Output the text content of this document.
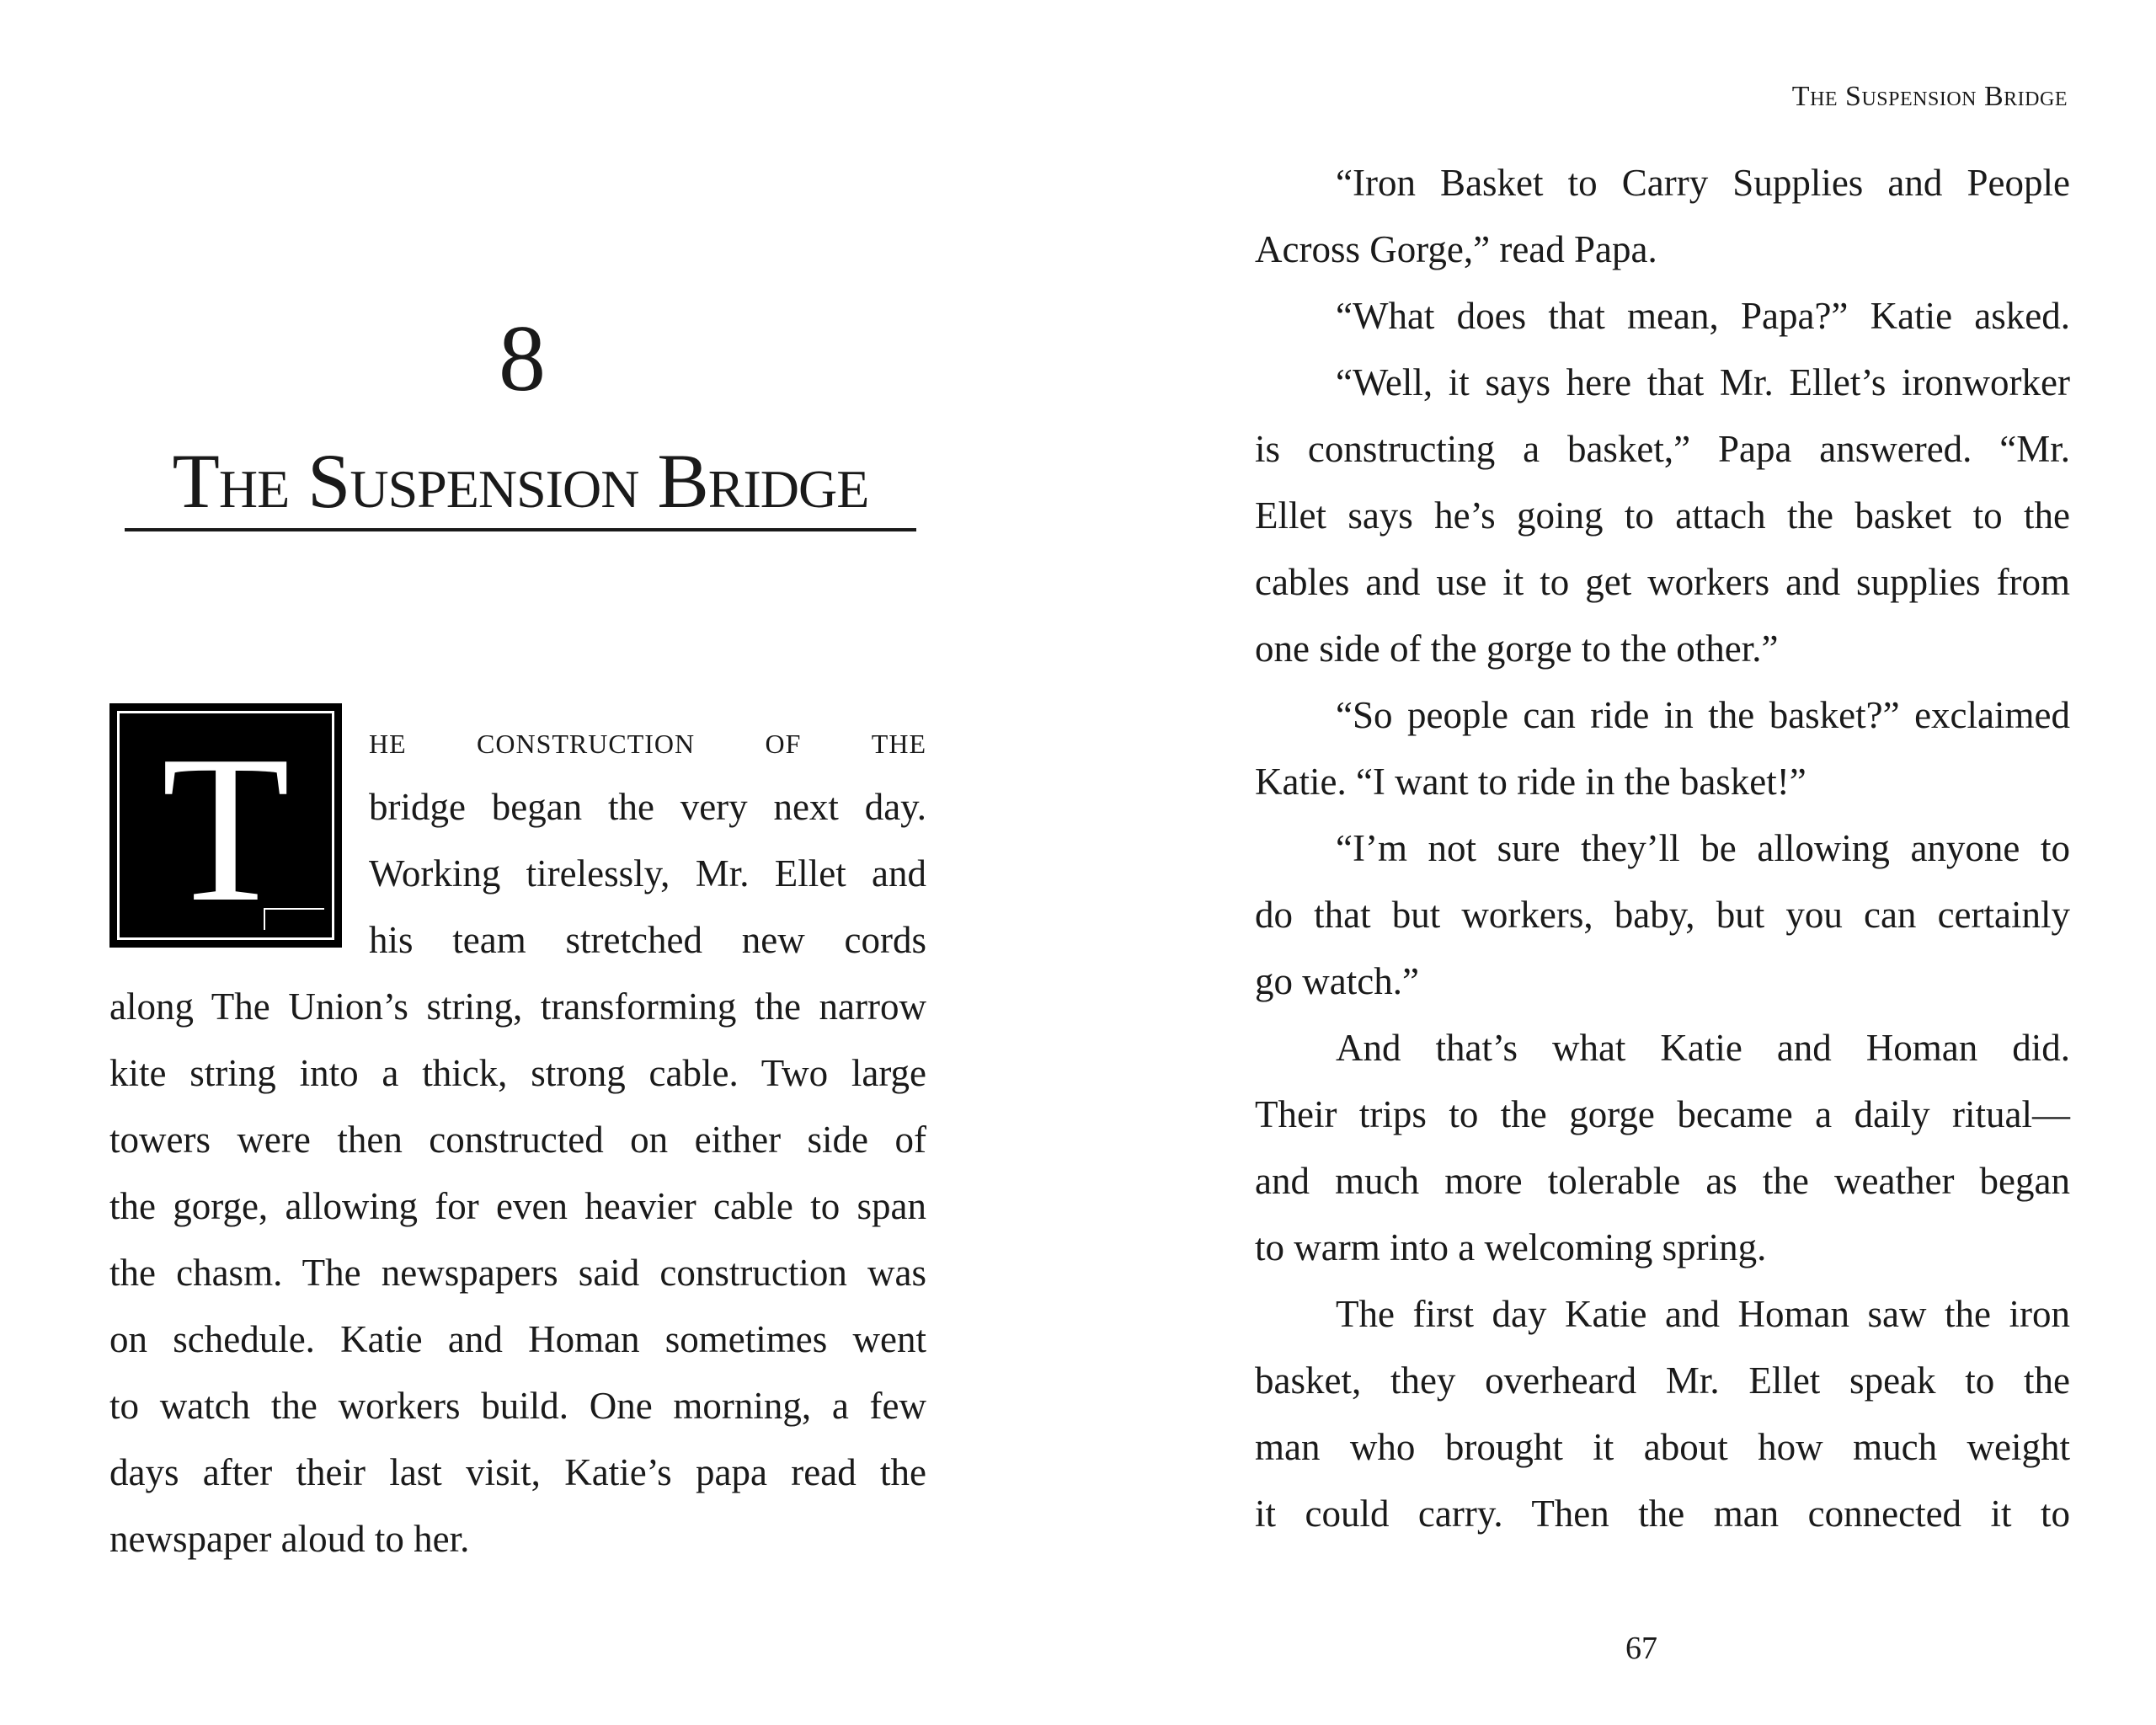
8
The Suspension Bridge
T	he construction of the
bridge began the very next day.
Working tirelessly, Mr. Ellet and
his team stretched new cords
along The Union’s string, transforming the narrow
kite string into a thick, strong cable. Two large
towers were then constructed on either side of
the gorge, allowing for even heavier cable to span
the chasm. The newspapers said construction was
on schedule. Katie and Homan sometimes went
to watch the workers build. One morning, a few
days after their last visit, Katie’s papa read the
newspaper aloud to her.
The Suspension Bridge
“Iron Basket to Carry Supplies and People
Across Gorge,” read Papa.
“What does that mean, Papa?” Katie asked.
“Well, it says here that Mr. Ellet’s ironworker
is constructing a basket,” Papa answered. “Mr.
Ellet says he’s going to attach the basket to the
cables and use it to get workers and supplies from
one side of the gorge to the other.”
“So people can ride in the basket?” exclaimed
Katie. “I want to ride in the basket!”
“I’m not sure they’ll be allowing anyone to
do that but workers, baby, but you can certainly
go watch.”
And that’s what Katie and Homan did.
Their trips to the gorge became a daily ritual—
and much more tolerable as the weather began
to warm into a welcoming spring.
The first day Katie and Homan saw the iron
basket, they overheard Mr. Ellet speak to the
man who brought it about how much weight
it could carry. Then the man connected it to
67
